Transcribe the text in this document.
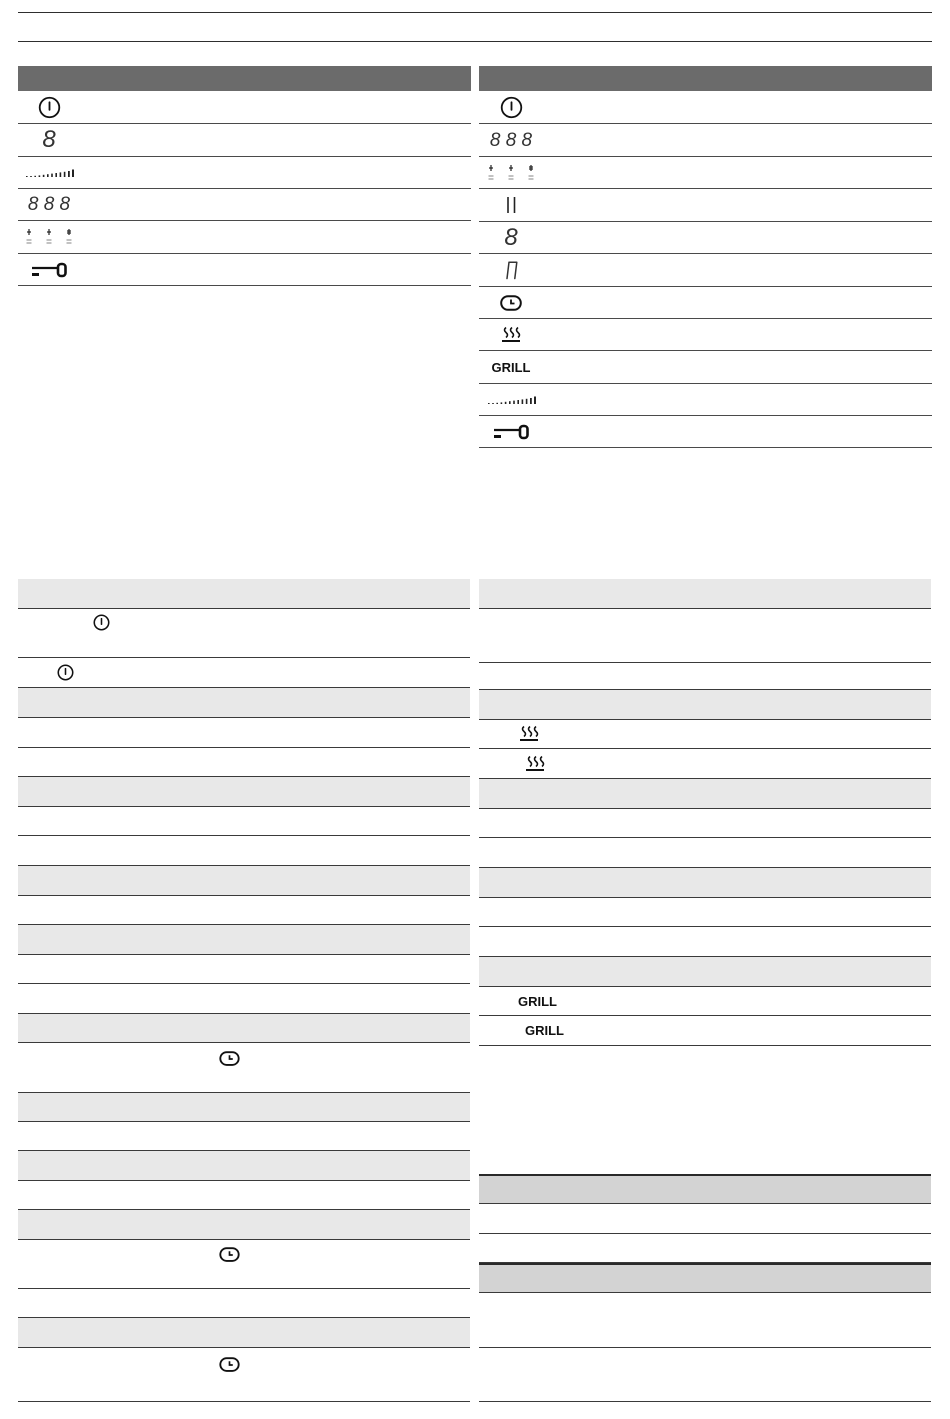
8
8 8 8
8 8 8
8
GRILL
GRILL
GRILL
